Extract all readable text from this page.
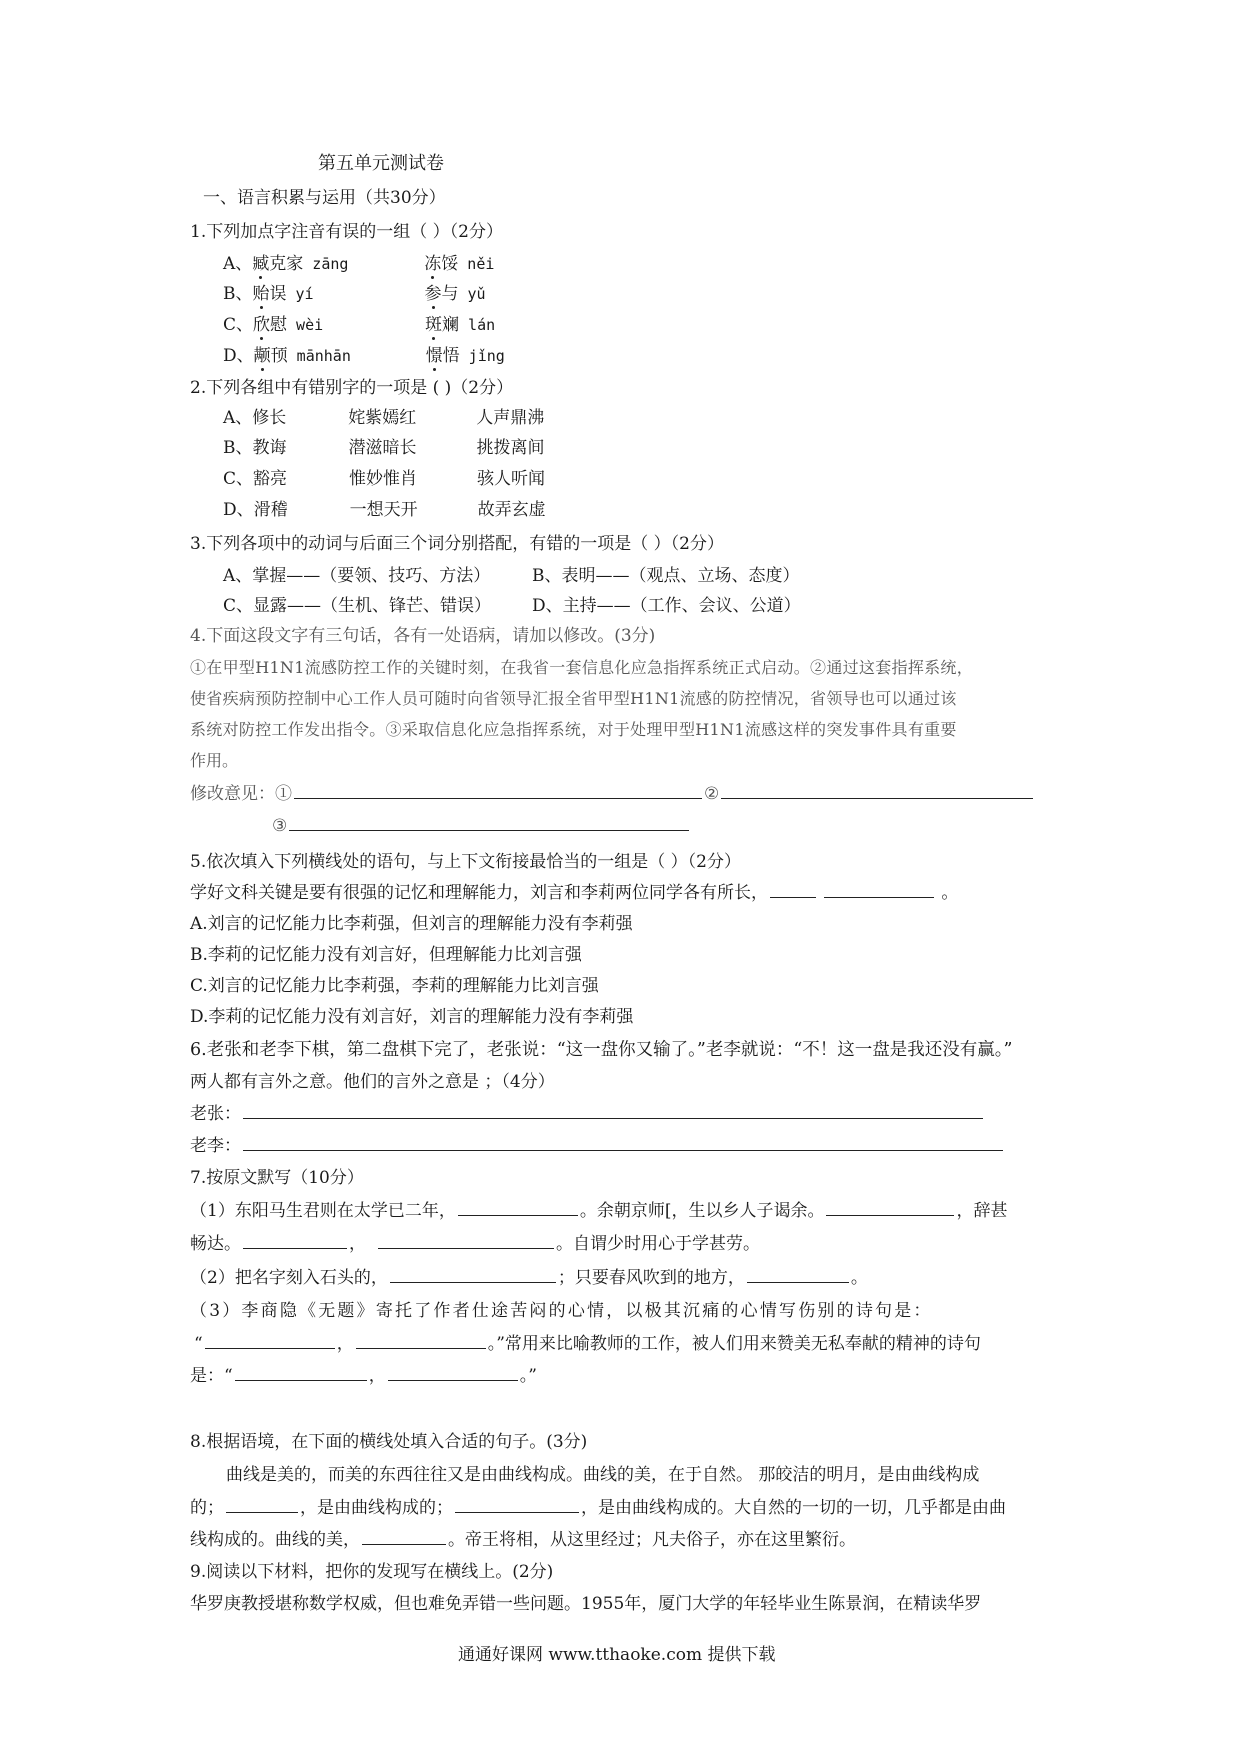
第五单元测试卷
一、语言积累与运用（共30分）
1.下列加点字注音有误的一组（ ）（2分）
A、臧克家 zāng	冻馁 něi
B、贻误 yí	参与 yǔ
C、欣慰 wèi	斑斓 lán
D、颟顸 mānhān	憬悟 jǐng
2.下列各组中有错别字的一项是 ( )（2分）
A、修长	姹紫嫣红	人声鼎沸
B、教诲	潜滋暗长	挑拨离间
C、豁亮	惟妙惟肖	骇人听闻
D、滑稽	一想天开	故弄玄虚
3.下列各项中的动词与后面三个词分别搭配，有错的一项是（ ）（2分）
A、掌握——（要领、技巧、方法） B、表明——（观点、立场、态度）
C、显露——（生机、锋芒、错误） D、主持——（工作、会议、公道）
4.下面这段文字有三句话，各有一处语病，请加以修改。(3分)
①在甲型H1N1流感防控工作的关键时刻，在我省一套信息化应急指挥系统正式启动。②通过这套指挥系统，
使省疾病预防控制中心工作人员可随时向省领导汇报全省甲型H1N1流感的防控情况，省领导也可以通过该
系统对防控工作发出指令。③采取信息化应急指挥系统，对于处理甲型H1N1流感这样的突发事件具有重要
作用。
修改意见：①	②
③
5.依次填入下列横线处的语句，与上下文衔接最恰当的一组是（ ）（2分）
学好文科关键是要有很强的记忆和理解能力，刘言和李莉两位同学各有所长，	。
A.刘言的记忆能力比李莉强，但刘言的理解能力没有李莉强
B.李莉的记忆能力没有刘言好，但理解能力比刘言强
C.刘言的记忆能力比李莉强，李莉的理解能力比刘言强
D.李莉的记忆能力没有刘言好，刘言的理解能力没有李莉强
6.老张和老李下棋，第二盘棋下完了，老张说：“这一盘你又输了。”老李就说：“不！这一盘是我还没有赢。”
两人都有言外之意。他们的言外之意是 ；（4分）
老张：
老李：
7.按原文默写（10分）
（1）东阳马生君则在太学已二年，	。余朝京师[，生以乡人子谒余。	，辞甚
畅达。	，	。自谓少时用心于学甚劳。
（2）把名字刻入石头的，	；只要春风吹到的地方，	。
（3）李商隐《无题》寄托了作者仕途苦闷的心情，以极其沉痛的心情写伤别的诗句是：
“	，	。”常用来比喻教师的工作，被人们用来赞美无私奉献的精神的诗句
是：“	，	。”
8.根据语境，在下面的横线处填入合适的句子。(3分)
曲线是美的，而美的东西往往又是由曲线构成。曲线的美，在于自然。 那皎洁的明月，是由曲线构成
的；	，是由曲线构成的；	，是由曲线构成的。大自然的一切的一切，几乎都是由曲
线构成的。曲线的美，	。帝王将相，从这里经过；凡夫俗子，亦在这里繁衍。
9.阅读以下材料，把你的发现写在横线上。(2分)
华罗庚教授堪称数学权威，但也难免弄错一些问题。1955年，厦门大学的年轻毕业生陈景润，在精读华罗
通通好课网 www.tthaoke.com 提供下载
